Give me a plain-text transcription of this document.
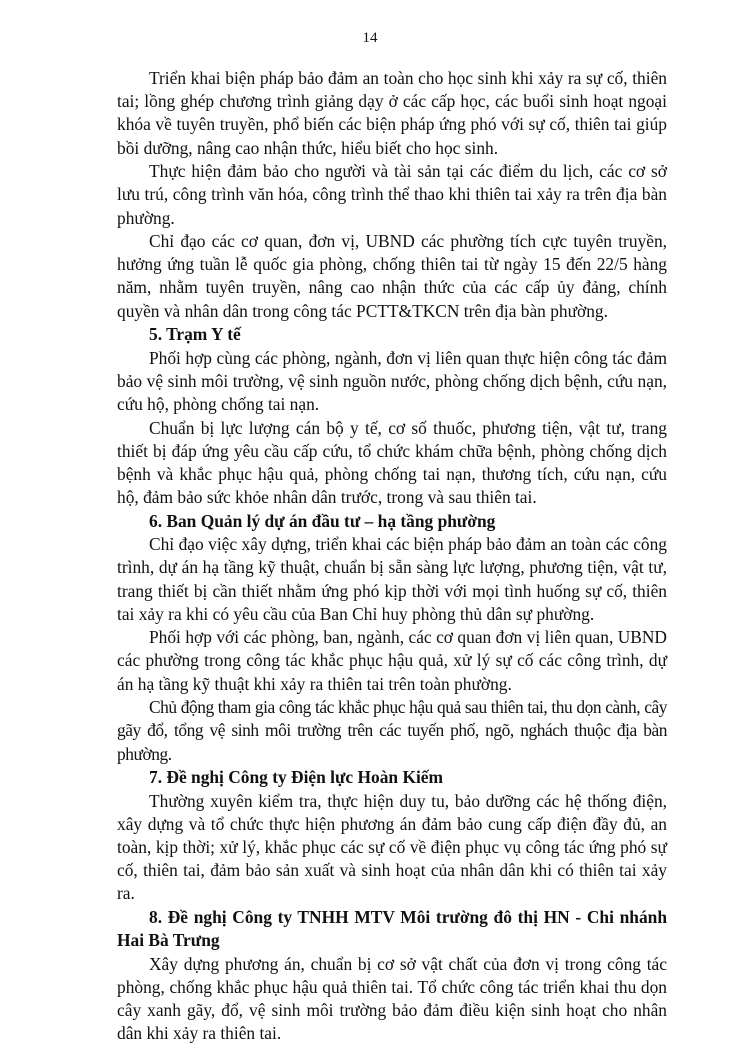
14

Triển khai biện pháp bảo đảm an toàn cho học sinh khi xảy ra sự cố, thiên tai; lồng ghép chương trình giảng dạy ở các cấp học, các buổi sinh hoạt ngoại khóa về tuyên truyền, phổ biến các biện pháp ứng phó với sự cố, thiên tai giúp bồi dưỡng, nâng cao nhận thức, hiểu biết cho học sinh.

Thực hiện đảm bảo cho người và tài sản tại các điểm du lịch, các cơ sở lưu trú, công trình văn hóa, công trình thể thao khi thiên tai xảy ra trên địa bàn phường.

Chỉ đạo các cơ quan, đơn vị, UBND các phường tích cực tuyên truyền, hưởng ứng tuần lễ quốc gia phòng, chống thiên tai từ ngày 15 đến 22/5 hàng năm, nhằm tuyên truyền, nâng cao nhận thức của các cấp ủy đảng, chính quyền và nhân dân trong công tác PCTT&TKCN trên địa bàn phường.

5. Trạm Y tế

Phối hợp cùng các phòng, ngành, đơn vị liên quan thực hiện công tác đảm bảo vệ sinh môi trường, vệ sinh nguồn nước, phòng chống dịch bệnh, cứu nạn, cứu hộ, phòng chống tai nạn.

Chuẩn bị lực lượng cán bộ y tế, cơ số thuốc, phương tiện, vật tư, trang thiết bị đáp ứng yêu cầu cấp cứu, tổ chức khám chữa bệnh, phòng chống dịch bệnh và khắc phục hậu quả, phòng chống tai nạn, thương tích, cứu nạn, cứu hộ, đảm bảo sức khỏe nhân dân trước, trong và sau thiên tai.

6. Ban Quản lý dự án đầu tư – hạ tầng phường

Chỉ đạo việc xây dựng, triển khai các biện pháp bảo đảm an toàn các công trình, dự án hạ tầng kỹ thuật, chuẩn bị sẵn sàng lực lượng, phương tiện, vật tư, trang thiết bị cần thiết nhằm ứng phó kịp thời với mọi tình huống sự cố, thiên tai xảy ra khi có yêu cầu của Ban Chỉ huy phòng thủ dân sự phường.

Phối hợp với các phòng, ban, ngành, các cơ quan đơn vị liên quan, UBND các phường trong công tác khắc phục hậu quả, xử lý sự cố các công trình, dự án hạ tầng kỹ thuật khi xảy ra thiên tai trên toàn phường.

Chủ động tham gia công tác khắc phục hậu quả sau thiên tai, thu dọn cành, cây gãy đổ, tổng vệ sinh môi trường trên các tuyến phố, ngõ, nghách thuộc địa bàn phường.

7. Đề nghị Công ty Điện lực Hoàn Kiếm

Thường xuyên kiểm tra, thực hiện duy tu, bảo dưỡng các hệ thống điện, xây dựng và tổ chức thực hiện phương án đảm bảo cung cấp điện đầy đủ, an toàn, kịp thời; xử lý, khắc phục các sự cố về điện phục vụ công tác ứng phó sự cố, thiên tai, đảm bảo sản xuất và sinh hoạt của nhân dân khi có thiên tai xảy ra.

8. Đề nghị Công ty TNHH MTV Môi trường đô thị HN - Chi nhánh Hai Bà Trưng

Xây dựng phương án, chuẩn bị cơ sở vật chất của đơn vị trong công tác phòng, chống khắc phục hậu quả thiên tai. Tổ chức công tác triển khai thu dọn cây xanh gãy, đổ, vệ sinh môi trường bảo đảm điều kiện sinh hoạt cho nhân dân khi xảy ra thiên tai.
